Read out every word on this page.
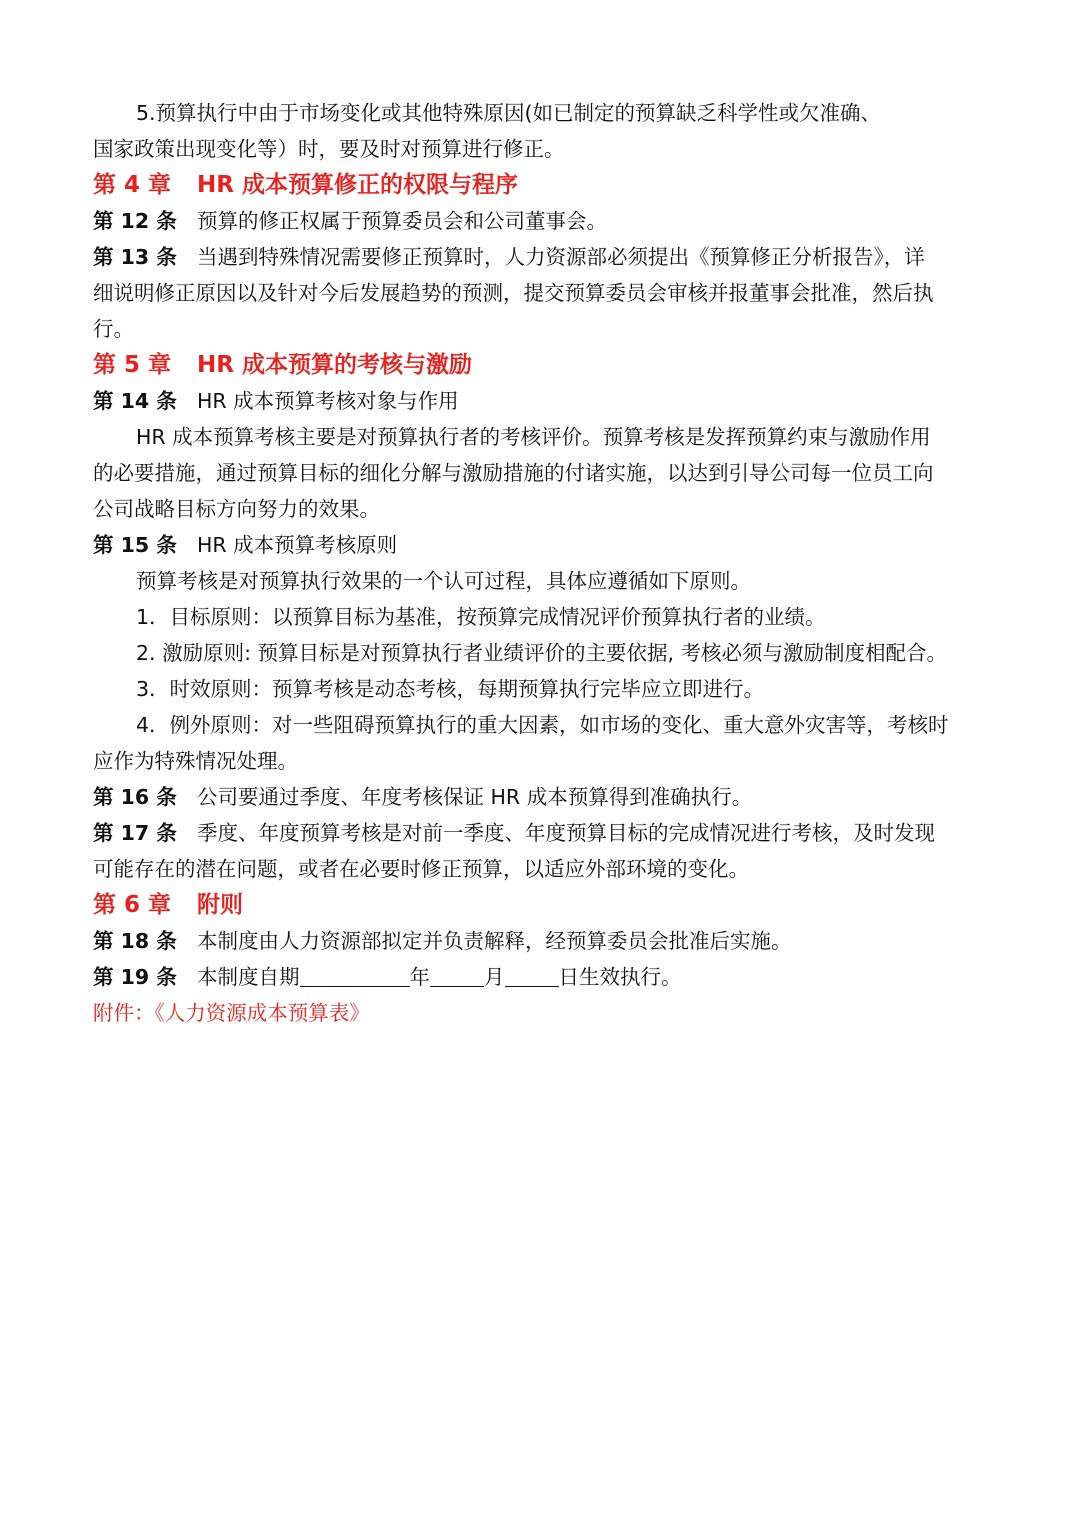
5.预算执行中由于市场变化或其他特殊原因(如已制定的预算缺乏科学性或欠准确、
国家政策出现变化等）时，要及时对预算进行修正。
第 4 章 HR 成本预算修正的权限与程序
第 12 条 预算的修正权属于预算委员会和公司董事会。
第 13 条 当遇到特殊情况需要修正预算时，人力资源部必须提出《预算修正分析报告》，详
细说明修正原因以及针对今后发展趋势的预测，提交预算委员会审核并报董事会批准，然后执
行。
第 5 章 HR 成本预算的考核与激励
第 14 条 HR 成本预算考核对象与作用
HR 成本预算考核主要是对预算执行者的考核评价。预算考核是发挥预算约束与激励作用
的必要措施，通过预算目标的细化分解与激励措施的付诸实施，以达到引导公司每一位员工向
公司战略目标方向努力的效果。
第 15 条 HR 成本预算考核原则
预算考核是对预算执行效果的一个认可过程，具体应遵循如下原则。
1．目标原则：以预算目标为基准，按预算完成情况评价预算执行者的业绩。
2. 激励原则: 预算目标是对预算执行者业绩评价的主要依据, 考核必须与激励制度相配合。
3．时效原则：预算考核是动态考核，每期预算执行完毕应立即进行。
4．例外原则：对一些阻碍预算执行的重大因素，如市场的变化、重大意外灾害等，考核时
应作为特殊情况处理。
第 16 条 公司要通过季度、年度考核保证 HR 成本预算得到准确执行。
第 17 条 季度、年度预算考核是对前一季度、年度预算目标的完成情况进行考核，及时发现
可能存在的潜在问题，或者在必要时修正预算，以适应外部环境的变化。
第 6 章 附则
第 18 条 本制度由人力资源部拟定并负责解释，经预算委员会批准后实施。
第 19 条 本制度自期	年	月	日生效执行。
附件：《人力资源成本预算表》
